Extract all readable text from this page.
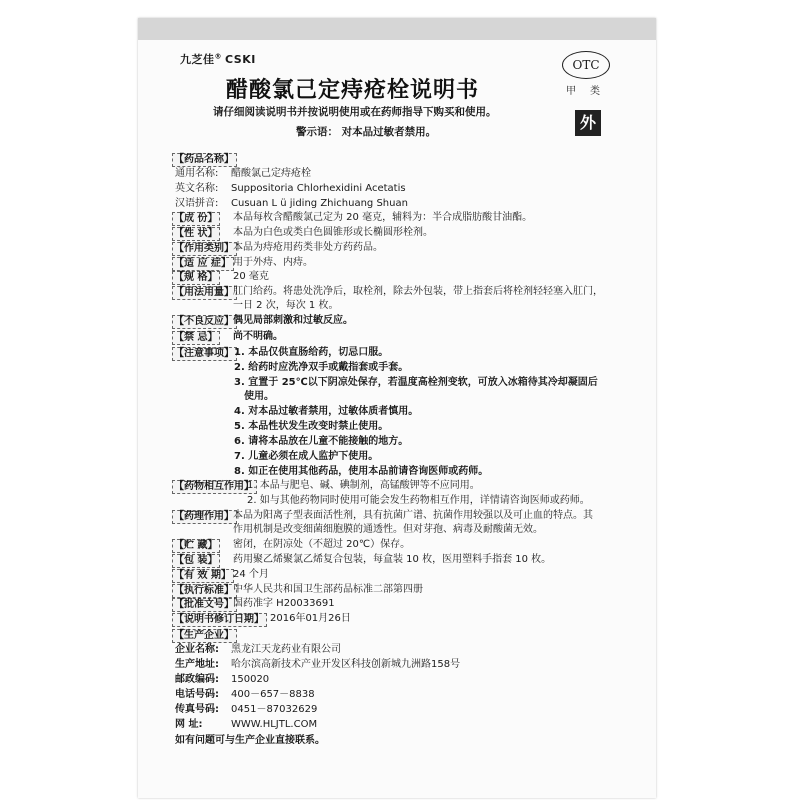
九芝佳® CSKI
醋酸氯己定痔疮栓说明书
请仔细阅读说明书并按说明使用或在药师指导下购买和使用。
警示语： 对本品过敏者禁用。
OTC
甲类
外
【药品名称】
通用名称: 醋酸氯己定痔疮栓
英文名称: Suppositoria Chlorhexidini Acetatis
汉语拼音: Cusuan L ü jiding Zhichuang Shuan
【成 份】	本品每枚含醋酸氯己定为 20 毫克，辅料为：半合成脂肪酸甘油酯。
【性 状】	本品为白色或类白色圆锥形或长椭圆形栓剂。
【作用类别】 本品为痔疮用药类非处方药药品。
【适 应 症】 用于外痔、内痔。
【规 格】	20 毫克
【用法用量】 肛门给药。将患处洗净后，取栓剂，除去外包装，带上指套后将栓剂轻轻塞入肛门，
一日 2 次，每次 1 枚。
【不良反应】 偶见局部刺激和过敏反应。
【禁 忌】	尚不明确。
【注意事项】 1. 本品仅供直肠给药，切忌口服。
2. 给药时应洗净双手或戴指套或手套。
3. 宜置于 25℃以下阴凉处保存，若温度高栓剂变软，可放入冰箱待其冷却凝固后
使用。
4. 对本品过敏者禁用，过敏体质者慎用。
5. 本品性状发生改变时禁止使用。
6. 请将本品放在儿童不能接触的地方。
7. 儿童必须在成人监护下使用。
8. 如正在使用其他药品，使用本品前请咨询医师或药师。
【药物相互作用】
1. 本品与肥皂、碱、碘制剂，高锰酸钾等不应同用。
2. 如与其他药物同时使用可能会发生药物相互作用，详情请咨询医师或药师。
【药理作用】 本品为阳离子型表面活性剂，具有抗菌广谱、抗菌作用较强以及可止血的特点。其
作用机制是改变细菌细胞膜的通透性。但对芽孢、病毒及耐酸菌无效。
【贮 藏】	密闭，在阴凉处（不超过 20℃）保存。
【包 装】	药用聚乙烯聚氯乙烯复合包装，每盒装 10 枚，医用塑料手指套 10 枚。
【有 效 期】 24 个月
【执行标准】 中华人民共和国卫生部药品标准二部第四册
【批准文号】 国药准字 H20033691
【说明书修订日期】 2016年01月26日
【生产企业】
企业名称: 黑龙江天龙药业有限公司
生产地址: 哈尔滨高新技术产业开发区科技创新城九洲路158号
邮政编码: 150020
电话号码: 400－657－8838
传真号码: 0451－87032629
网 址:	WWW.HLJTL.COM
如有问题可与生产企业直接联系。
